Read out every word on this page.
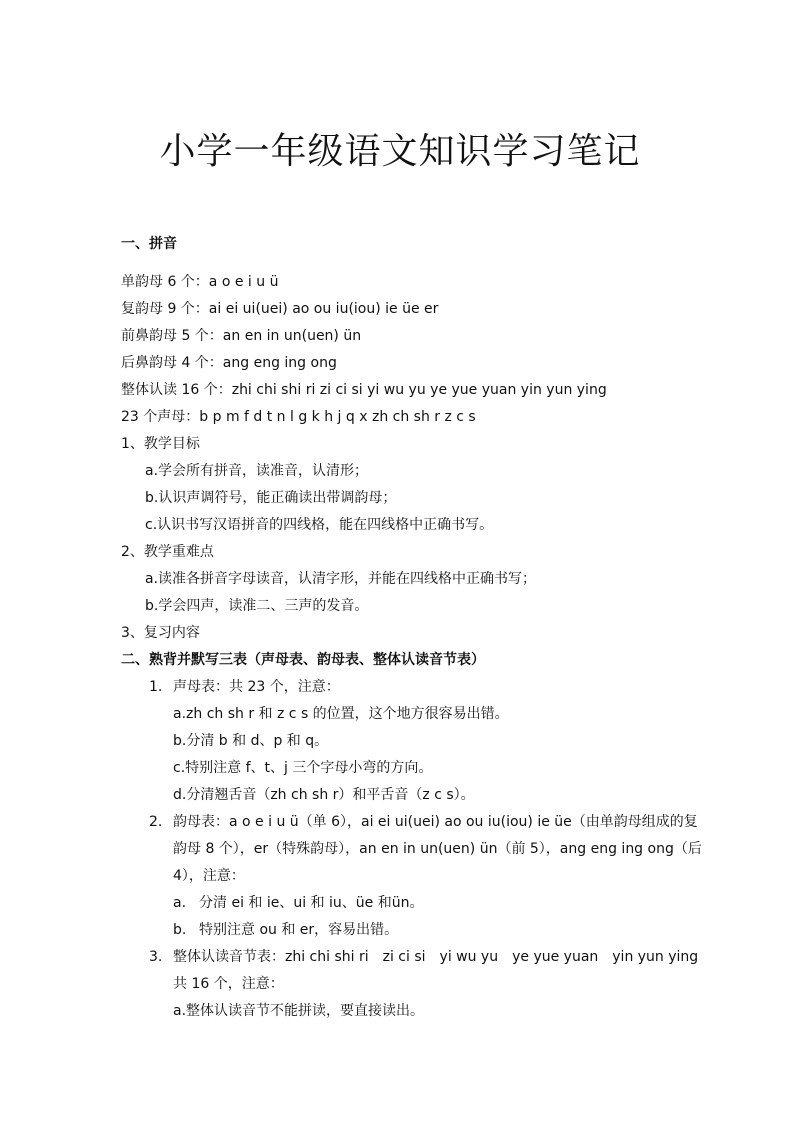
小学一年级语文知识学习笔记
一、拼音
单韵母 6 个：a o e i u ü
复韵母 9 个：ai ei ui(uei) ao ou iu(iou) ie üe er
前鼻韵母 5 个：an en in un(uen) ün
后鼻韵母 4 个：ang eng ing ong
整体认读 16 个：zhi chi shi ri zi ci si yi wu yu ye yue yuan yin yun ying
23 个声母：b p m f d t n l g k h j q x zh ch sh r z c s
1、教学目标
a.学会所有拼音，读准音，认清形；
b.认识声调符号，能正确读出带调韵母；
c.认识书写汉语拼音的四线格，能在四线格中正确书写。
2、教学重难点
a.读准各拼音字母读音，认清字形，并能在四线格中正确书写；
b.学会四声，读准二、三声的发音。
3、复习内容
二、熟背并默写三表（声母表、韵母表、整体认读音节表）
1. 声母表：共 23 个，注意：
a.zh ch sh r 和 z c s 的位置，这个地方很容易出错。
b.分清 b 和 d、p 和 q。
c.特别注意 f、t、j 三个字母小弯的方向。
d.分清翘舌音（zh ch sh r）和平舌音（z c s）。
2. 韵母表：a o e i u ü（单 6），ai ei ui(uei) ao ou iu(iou) ie üe（由单韵母组成的复
韵母 8 个），er（特殊韵母），an en in un(uen) ün（前 5），ang eng ing ong（后
4），注意：
a. 分清 ei 和 ie、ui 和 iu、üe 和ün。
b. 特别注意 ou 和 er，容易出错。
3. 整体认读音节表：zhi chi shi ri　zi ci si　yi wu yu　ye yue yuan　yin yun ying
共 16 个，注意：
a.整体认读音节不能拼读，要直接读出。
